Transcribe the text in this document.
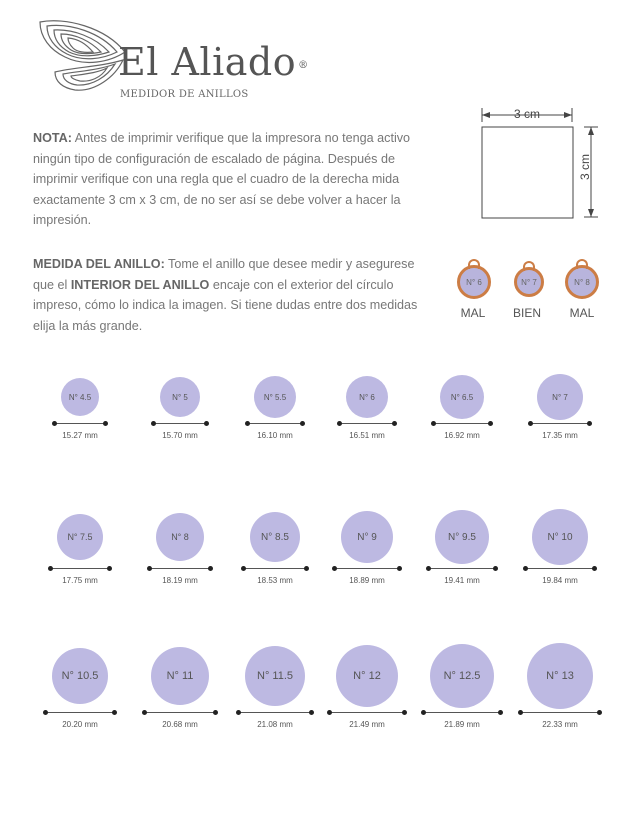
El Aliado ®
MEDIDOR DE ANILLOS
3 cm
3 cm
NOTA: Antes de imprimir verifique que la impresora no tenga activo ningún tipo de configuración de escalado de página. Después de imprimir verifique con una regla que el cuadro de la derecha mida exactamente 3 cm x 3 cm, de no ser así se debe volver a hacer la impresión.
MEDIDA DEL ANILLO: Tome el anillo que desee medir y asegurese que el INTERIOR DEL ANILLO encaje con el exterior del círculo impreso, cómo lo indica la imagen. Si tiene dudas entre dos medidas elija la más grande.
N° 6
MAL
N° 7
BIEN
N° 8
MAL
N° 4.5
15.27 mm
N° 5
15.70 mm
N° 5.5
16.10 mm
N° 6
16.51 mm
N° 6.5
16.92 mm
N° 7
17.35 mm
N° 7.5
17.75 mm
N° 8
18.19 mm
N° 8.5
18.53 mm
N° 9
18.89 mm
N° 9.5
19.41 mm
N° 10
19.84 mm
N° 10.5
20.20 mm
N° 11
20.68 mm
N° 11.5
21.08 mm
N° 12
21.49 mm
N° 12.5
21.89 mm
N° 13
22.33 mm
